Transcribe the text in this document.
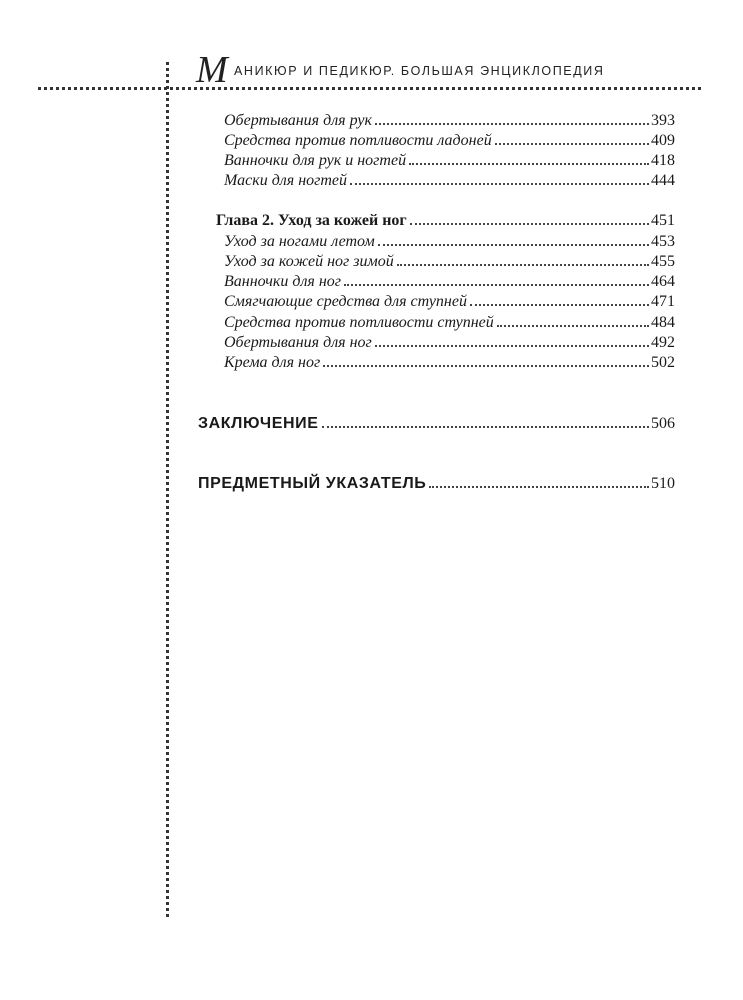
М АНИКЮР И ПЕДИКЮР. БОЛЬШАЯ ЭНЦИКЛОПЕДИЯ
Обертывания для рук	393
Средства против потливости ладоней	409
Ванночки для рук и ногтей	418
Маски для ногтей	444
Глава 2. Уход за кожей ног	451
Уход за ногами летом	453
Уход за кожей ног зимой	455
Ванночки для ног	464
Смягчающие средства для ступней	471
Средства против потливости ступней	484
Обертывания для ног	492
Крема для ног	502
ЗАКЛЮЧЕНИЕ	506
ПРЕДМЕТНЫЙ УКАЗАТЕЛЬ	510
